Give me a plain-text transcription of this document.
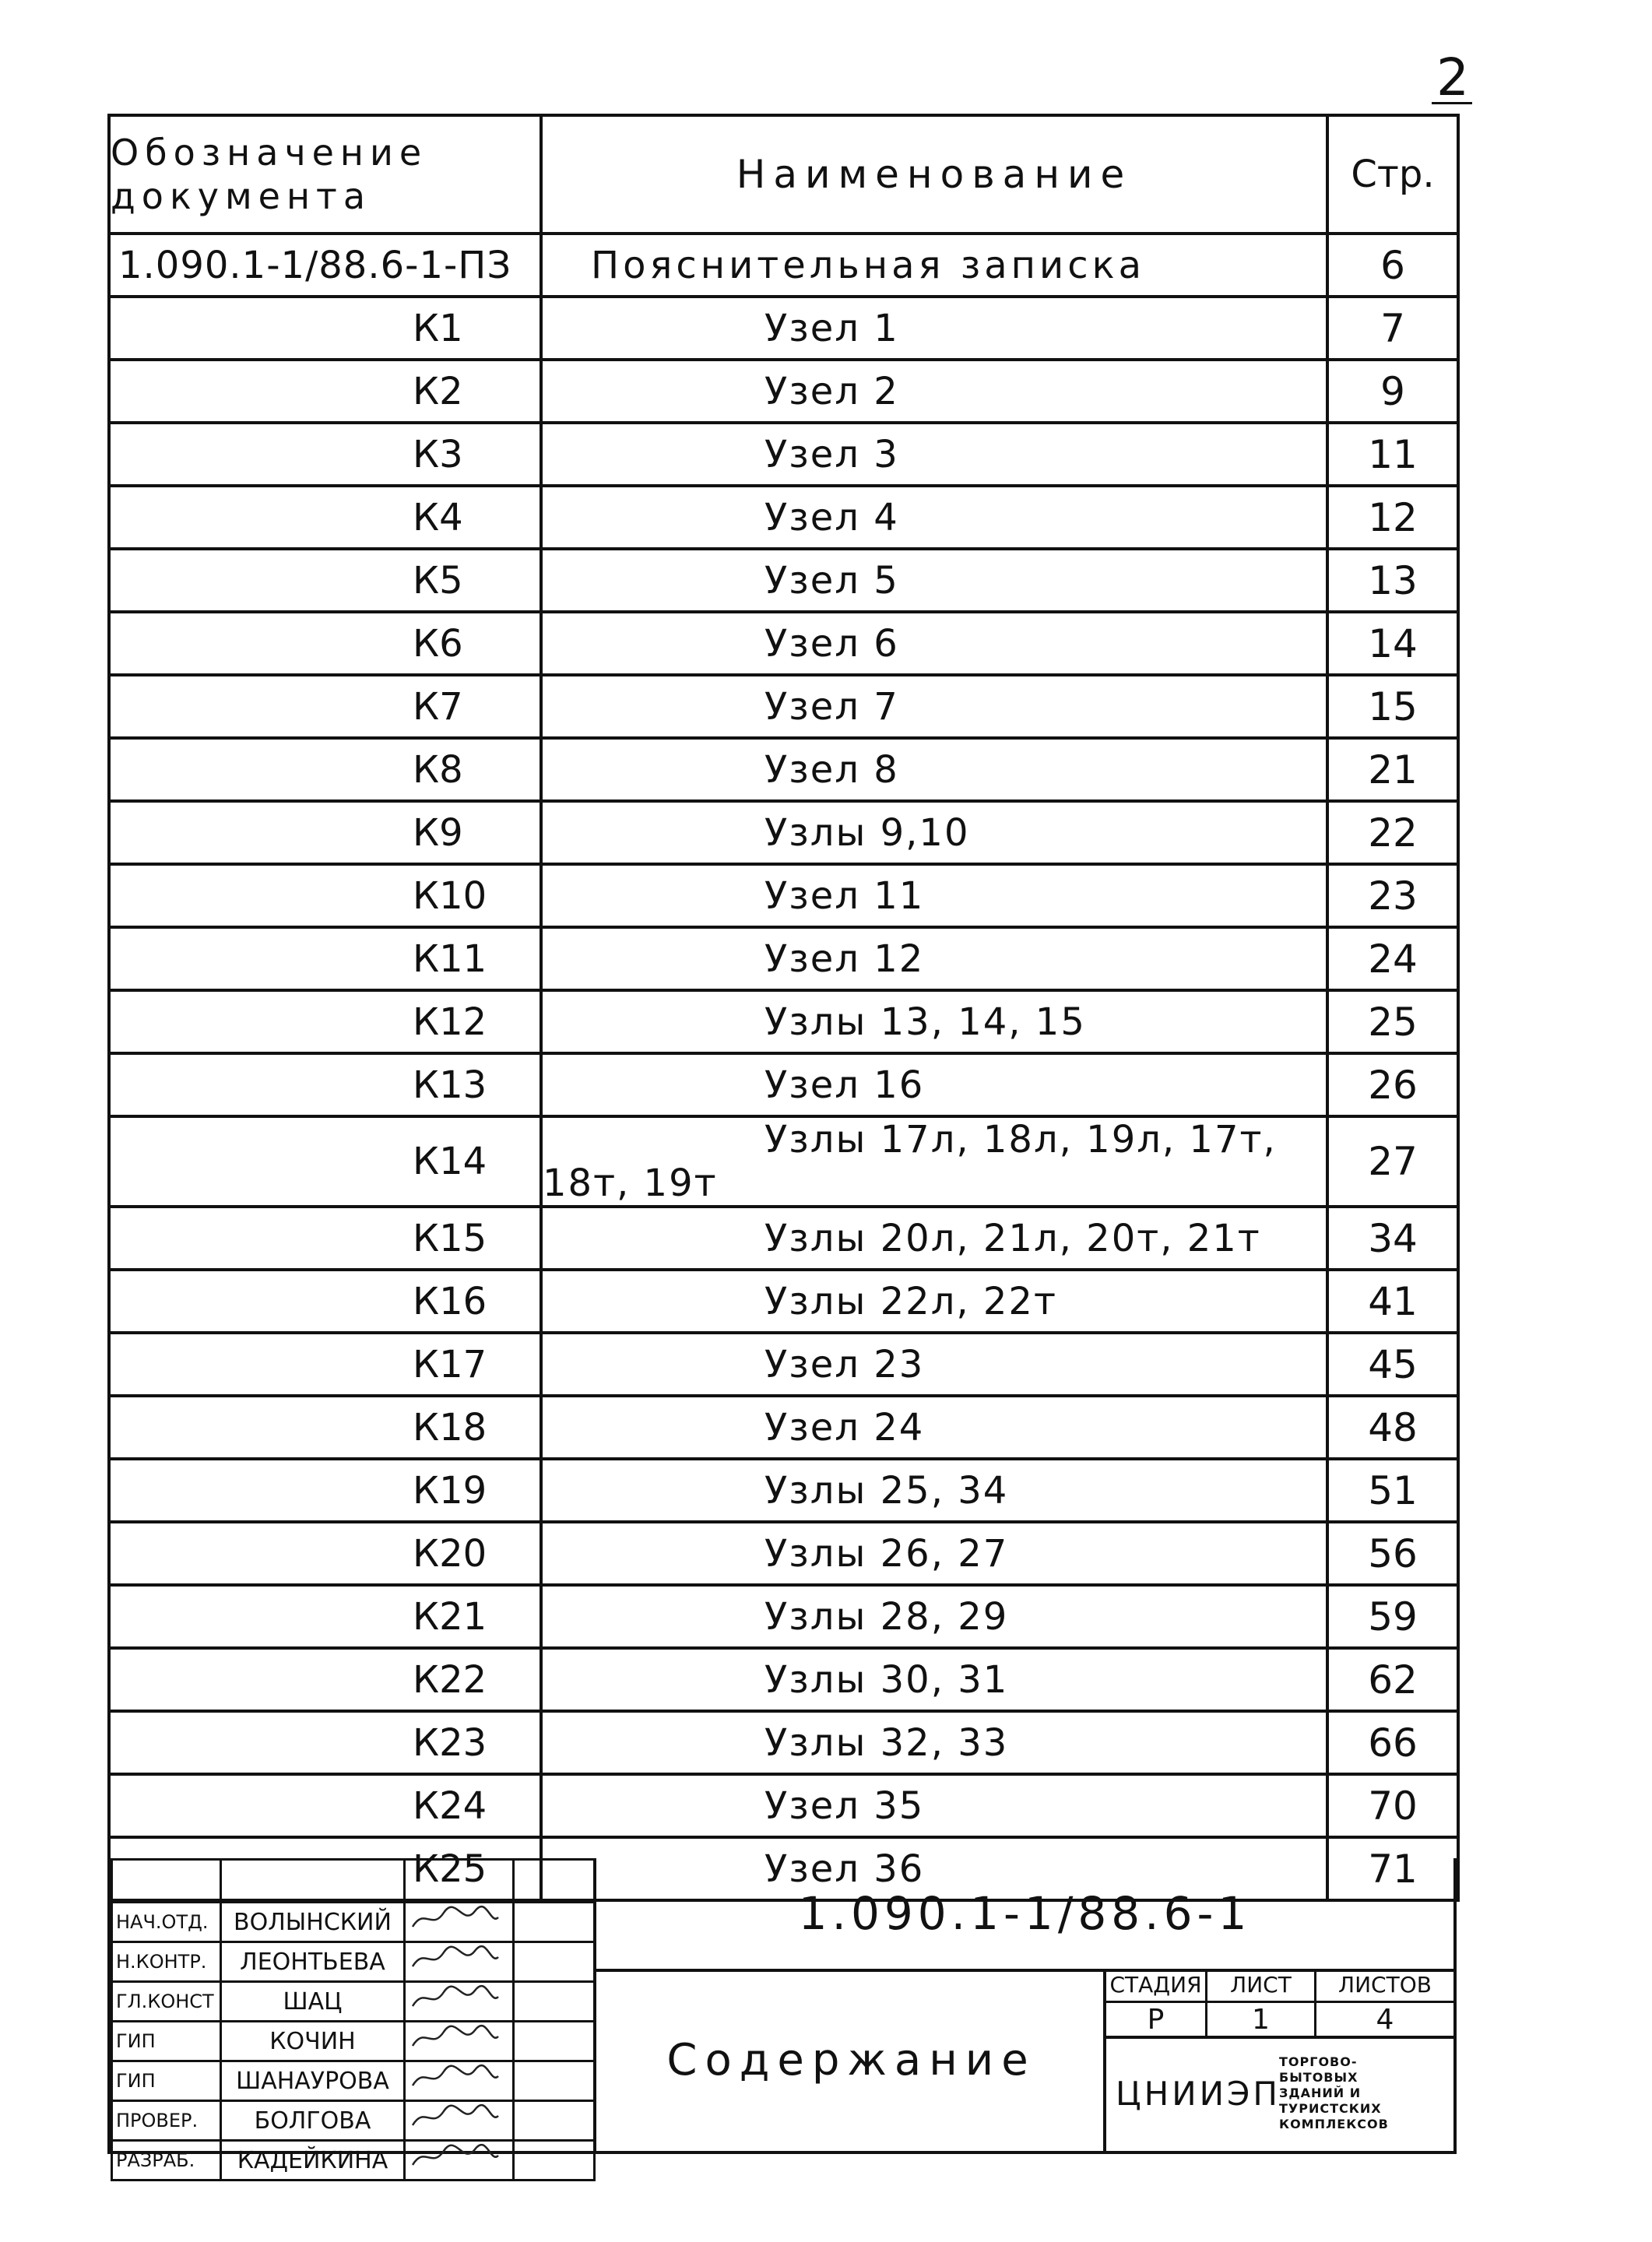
2
Обозначение
документа	Наименование	Стр.
1.090.1-1/88.6-1-ПЗ	Пояснительная записка	6
К1	Узел 1	7
К2	Узел 2	9
К3	Узел 3	11
К4	Узел 4	12
К5	Узел 5	13
К6	Узел 6	14
К7	Узел 7	15
К8	Узел 8	21
К9	Узлы 9,10	22
К10	Узел 11	23
К11	Узел 12	24
К12	Узлы 13, 14, 15	25
К13	Узел 16	26
К14	Узлы 17л, 18л, 19л, 17т, 18т, 19т	27
К15	Узлы 20л, 21л, 20т, 21т	34
К16	Узлы 22л, 22т	41
К17	Узел 23	45
К18	Узел 24	48
К19	Узлы 25, 34	51
К20	Узлы 26, 27	56
К21	Узлы 28, 29	59
К22	Узлы 30, 31	62
К23	Узлы 32, 33	66
К24	Узел 35	70
К25	Узел 36	71

НАЧ.ОТД.	ВОЛЫНСКИЙ		
Н.КОНТР.	ЛЕОНТЬЕВА		
ГЛ.КОНСТ	ШАЦ		
ГИП	КОЧИН		
ГИП	ШАНАУРОВА		
ПРОВЕР.	БОЛГОВА		
РАЗРАБ.	КАДЕЙКИНА		
1.090.1-1/88.6-1
Содержание
СТАДИЯ	ЛИСТ	ЛИСТОВ
Р	1	4
ЦНИИЭП
ТОРГОВО-
БЫТОВЫХ
ЗДАНИЙ И
ТУРИСТСКИХ
КОМПЛЕКСОВ
